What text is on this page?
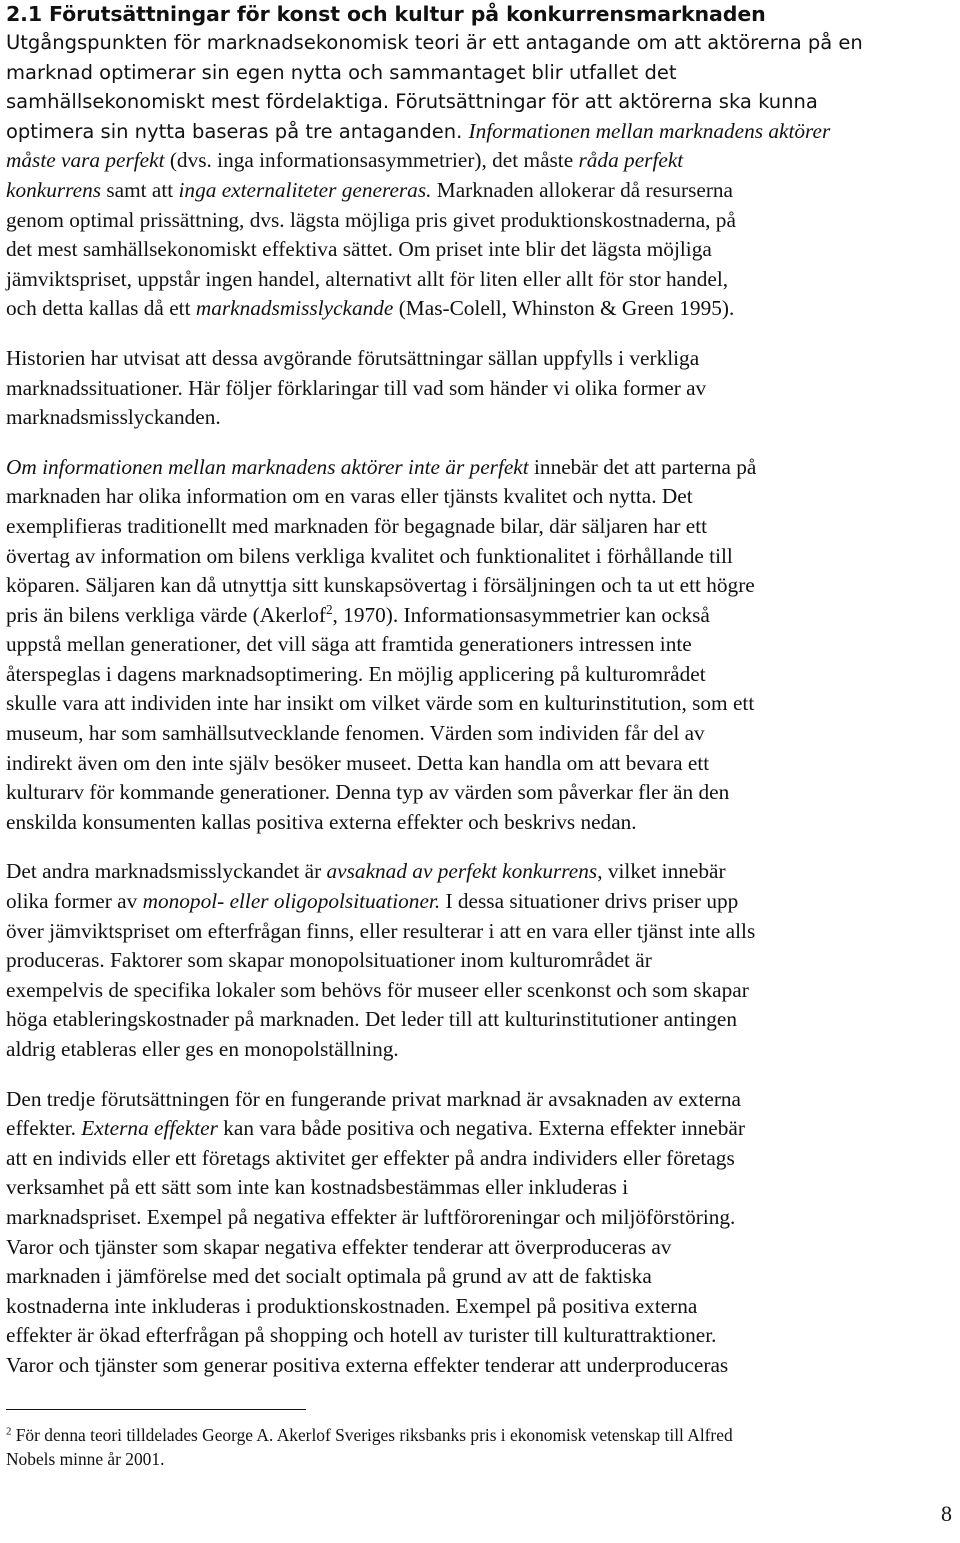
2.1 Förutsättningar för konst och kultur på konkurrensmarknaden
Utgångspunkten för marknadsekonomisk teori är ett antagande om att aktörerna på en
marknad optimerar sin egen nytta och sammantaget blir utfallet det
samhällsekonomiskt mest fördelaktiga. Förutsättningar för att aktörerna ska kunna
optimera sin nytta baseras på tre antaganden. Informationen mellan marknadens aktörer
måste vara perfekt (dvs. inga informationsasymmetrier), det måste råda perfekt
konkurrens samt att inga externaliteter genereras. Marknaden allokerar då resurserna
genom optimal prissättning, dvs. lägsta möjliga pris givet produktionskostnaderna, på
det mest samhällsekonomiskt effektiva sättet. Om priset inte blir det lägsta möjliga
jämviktspriset, uppstår ingen handel, alternativt allt för liten eller allt för stor handel,
och detta kallas då ett marknadsmisslyckande (Mas-Colell, Whinston & Green 1995).
Historien har utvisat att dessa avgörande förutsättningar sällan uppfylls i verkliga
marknadssituationer. Här följer förklaringar till vad som händer vi olika former av
marknadsmisslyckanden.
Om informationen mellan marknadens aktörer inte är perfekt innebär det att parterna på
marknaden har olika information om en varas eller tjänsts kvalitet och nytta. Det
exemplifieras traditionellt med marknaden för begagnade bilar, där säljaren har ett
övertag av information om bilens verkliga kvalitet och funktionalitet i förhållande till
köparen. Säljaren kan då utnyttja sitt kunskapsövertag i försäljningen och ta ut ett högre
pris än bilens verkliga värde (Akerlof$^2$, 1970). Informationsasymmetrier kan också
uppstå mellan generationer, det vill säga att framtida generationers intressen inte
återspeglas i dagens marknadsoptimering. En möjlig applicering på kulturområdet
skulle vara att individen inte har insikt om vilket värde som en kulturinstitution, som ett
museum, har som samhällsutvecklande fenomen. Värden som individen får del av
indirekt även om den inte själv besöker museet. Detta kan handla om att bevara ett
kulturarv för kommande generationer. Denna typ av värden som påverkar fler än den
enskilda konsumenten kallas positiva externa effekter och beskrivs nedan.
Det andra marknadsmisslyckandet är avsaknad av perfekt konkurrens, vilket innebär
olika former av monopol- eller oligopolsituationer. I dessa situationer drivs priser upp
över jämviktspriset om efterfrågan finns, eller resulterar i att en vara eller tjänst inte alls
produceras. Faktorer som skapar monopolsituationer inom kulturområdet är
exempelvis de specifika lokaler som behövs för museer eller scenkonst och som skapar
höga etableringskostnader på marknaden. Det leder till att kulturinstitutioner antingen
aldrig etableras eller ges en monopolställning.
Den tredje förutsättningen för en fungerande privat marknad är avsaknaden av externa
effekter. Externa effekter kan vara både positiva och negativa. Externa effekter innebär
att en individs eller ett företags aktivitet ger effekter på andra individers eller företags
verksamhet på ett sätt som inte kan kostnadsbestämmas eller inkluderas i
marknadspriset. Exempel på negativa effekter är luftföroreningar och miljöförstöring.
Varor och tjänster som skapar negativa effekter tenderar att överproduceras av
marknaden i jämförelse med det socialt optimala på grund av att de faktiska
kostnaderna inte inkluderas i produktionskostnaden. Exempel på positiva externa
effekter är ökad efterfrågan på shopping och hotell av turister till kulturattraktioner.
Varor och tjänster som generar positiva externa effekter tenderar att underproduceras
$^2$ För denna teori tilldelades George A. Akerlof Sveriges riksbanks pris i ekonomisk vetenskap till Alfred
Nobels minne år 2001.
8
